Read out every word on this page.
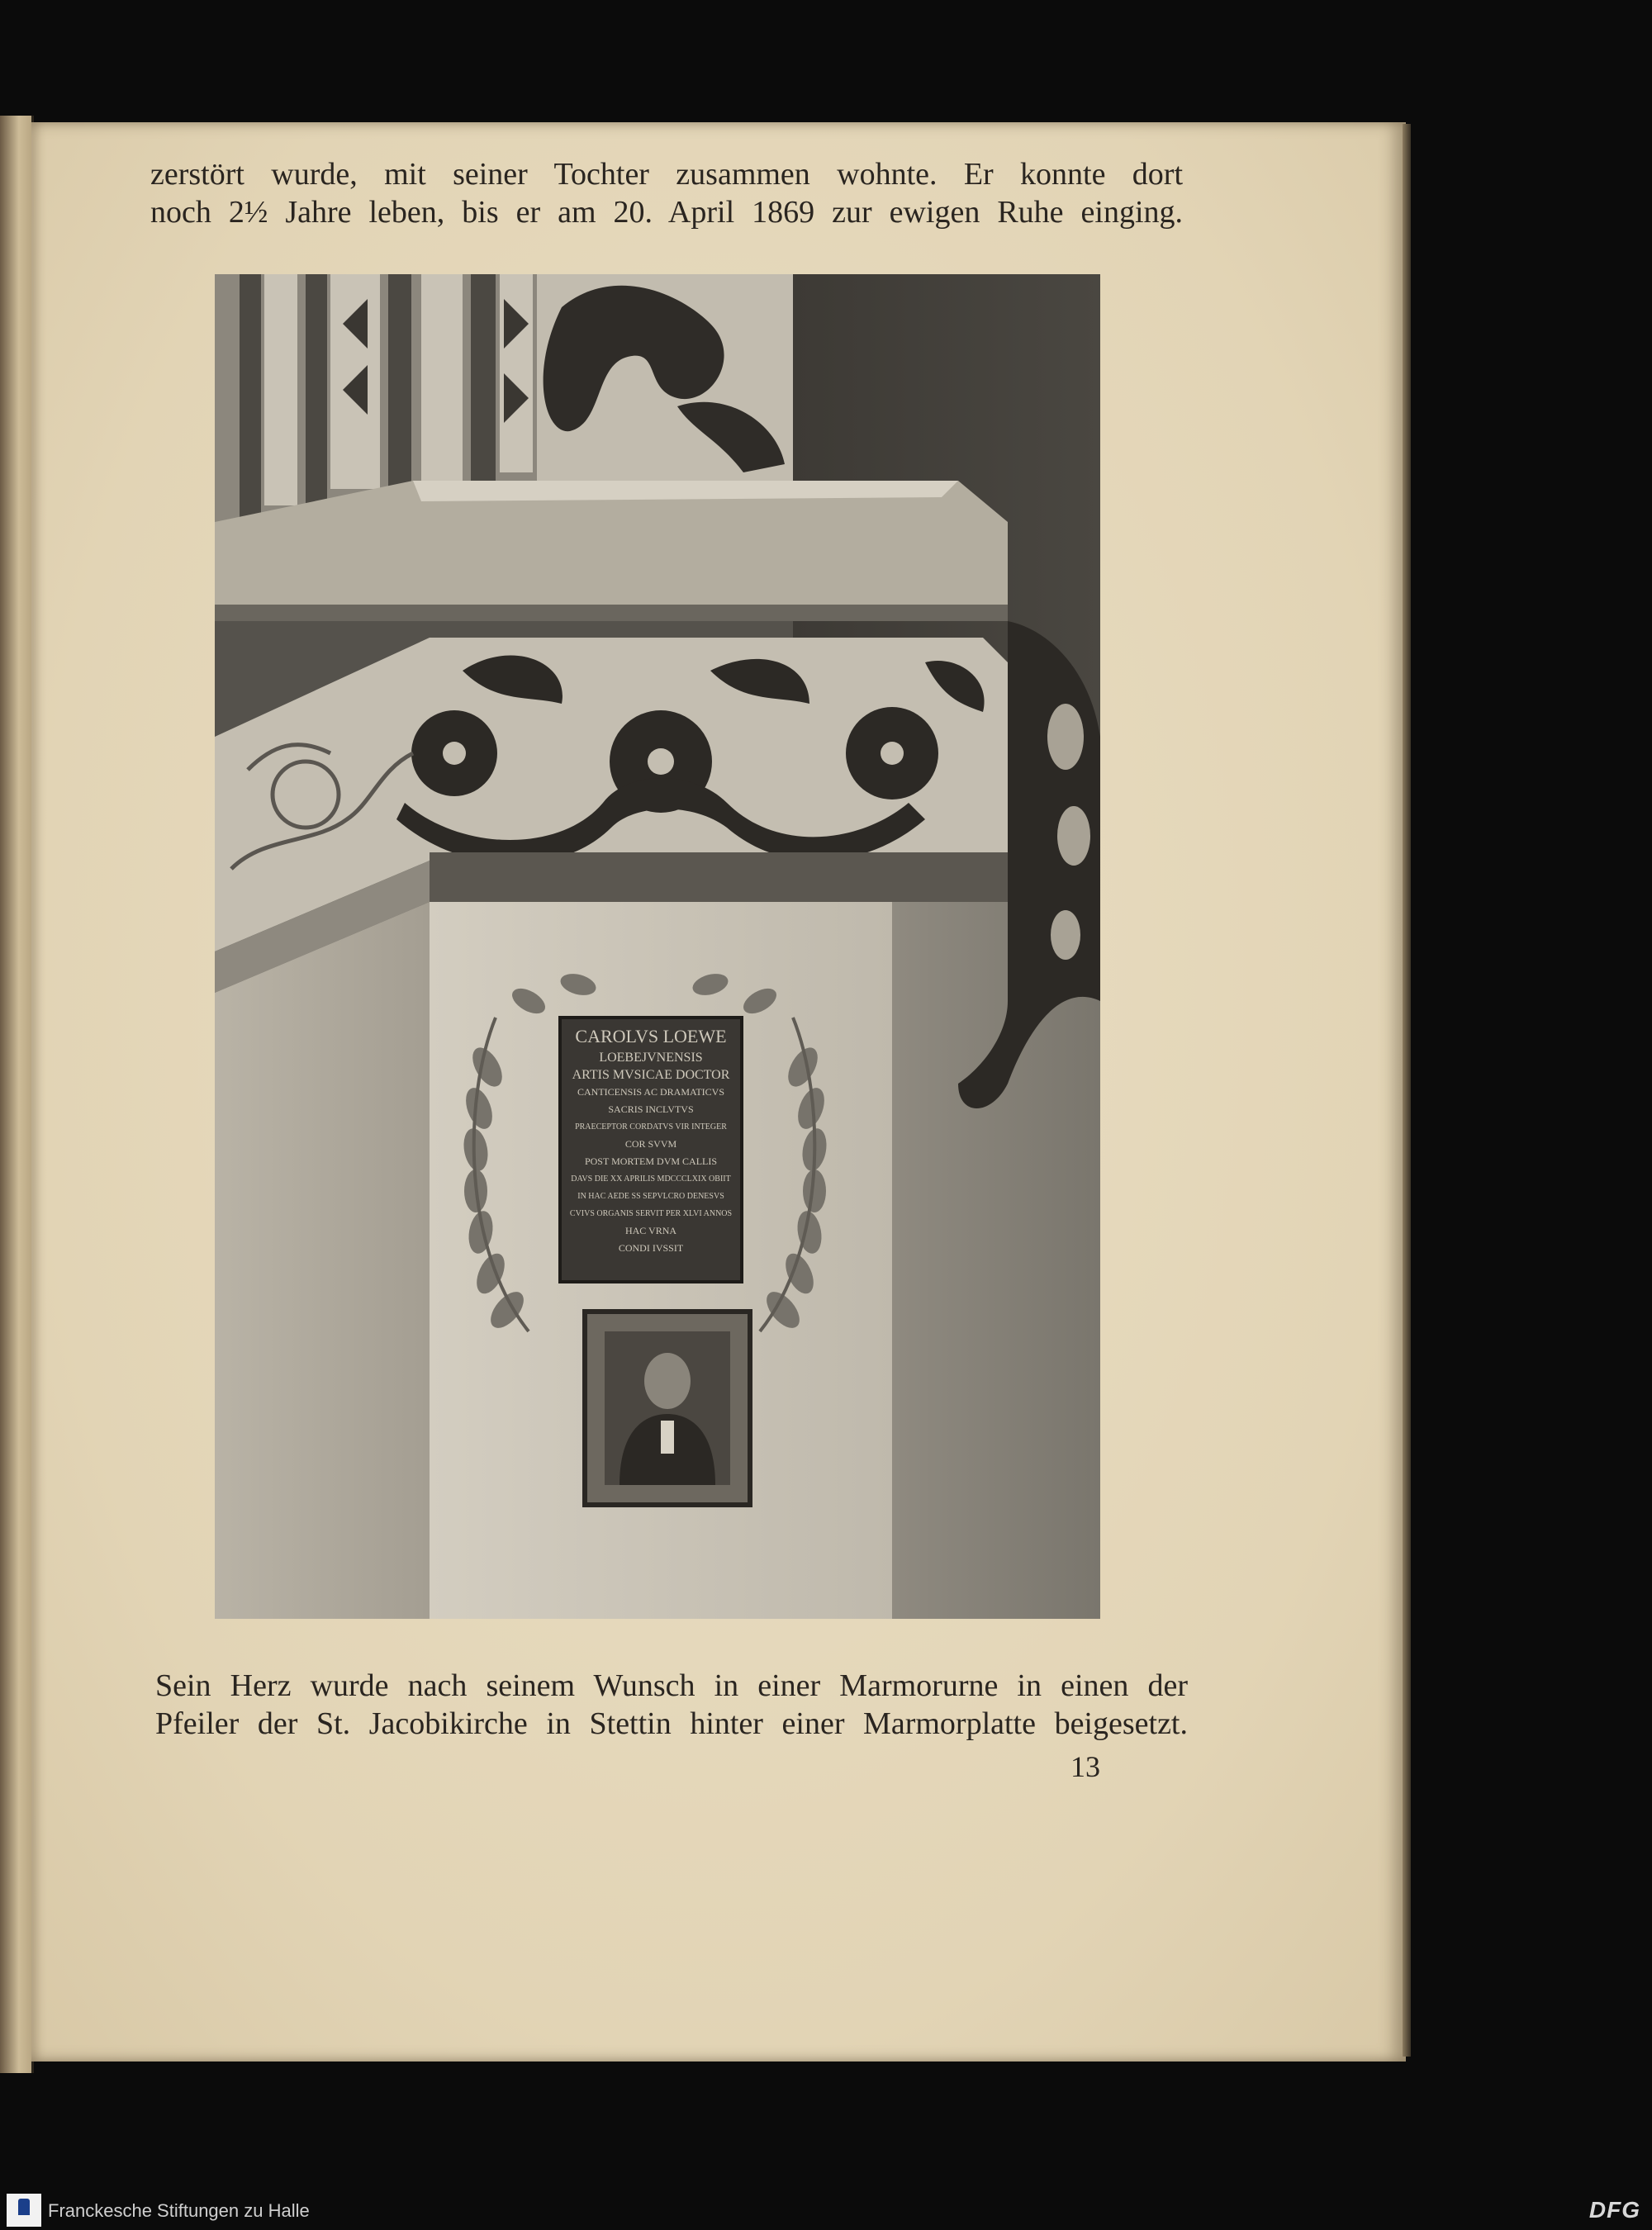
zerstört wurde, mit seiner Tochter zusammen wohnte. Er konnte dort
noch 2½ Jahre leben, bis er am 20. April 1869 zur ewigen Ruhe einging.
CAROLVS LOEWE
LOEBEJVNENSIS
ARTIS MVSICAE DOCTOR
CANTICENSIS AC DRAMATICVS
SACRIS INCLVTVS
PRAECEPTOR CORDATVS VIR INTEGER
COR SVVM
POST MORTEM DVM CALLIS
DAVS DIE XX APRILIS MDCCCLXIX OBIIT
IN HAC AEDE SS SEPVLCRO DENESVS
CVIVS ORGANIS SERVIT PER XLVI ANNOS
HAC VRNA
CONDI IVSSIT
Sein Herz wurde nach seinem Wunsch in einer Marmorurne in einen der
Pfeiler der St. Jacobikirche in Stettin hinter einer Marmorplatte beigesetzt.
13
Franckesche Stiftungen zu Halle	DFG
